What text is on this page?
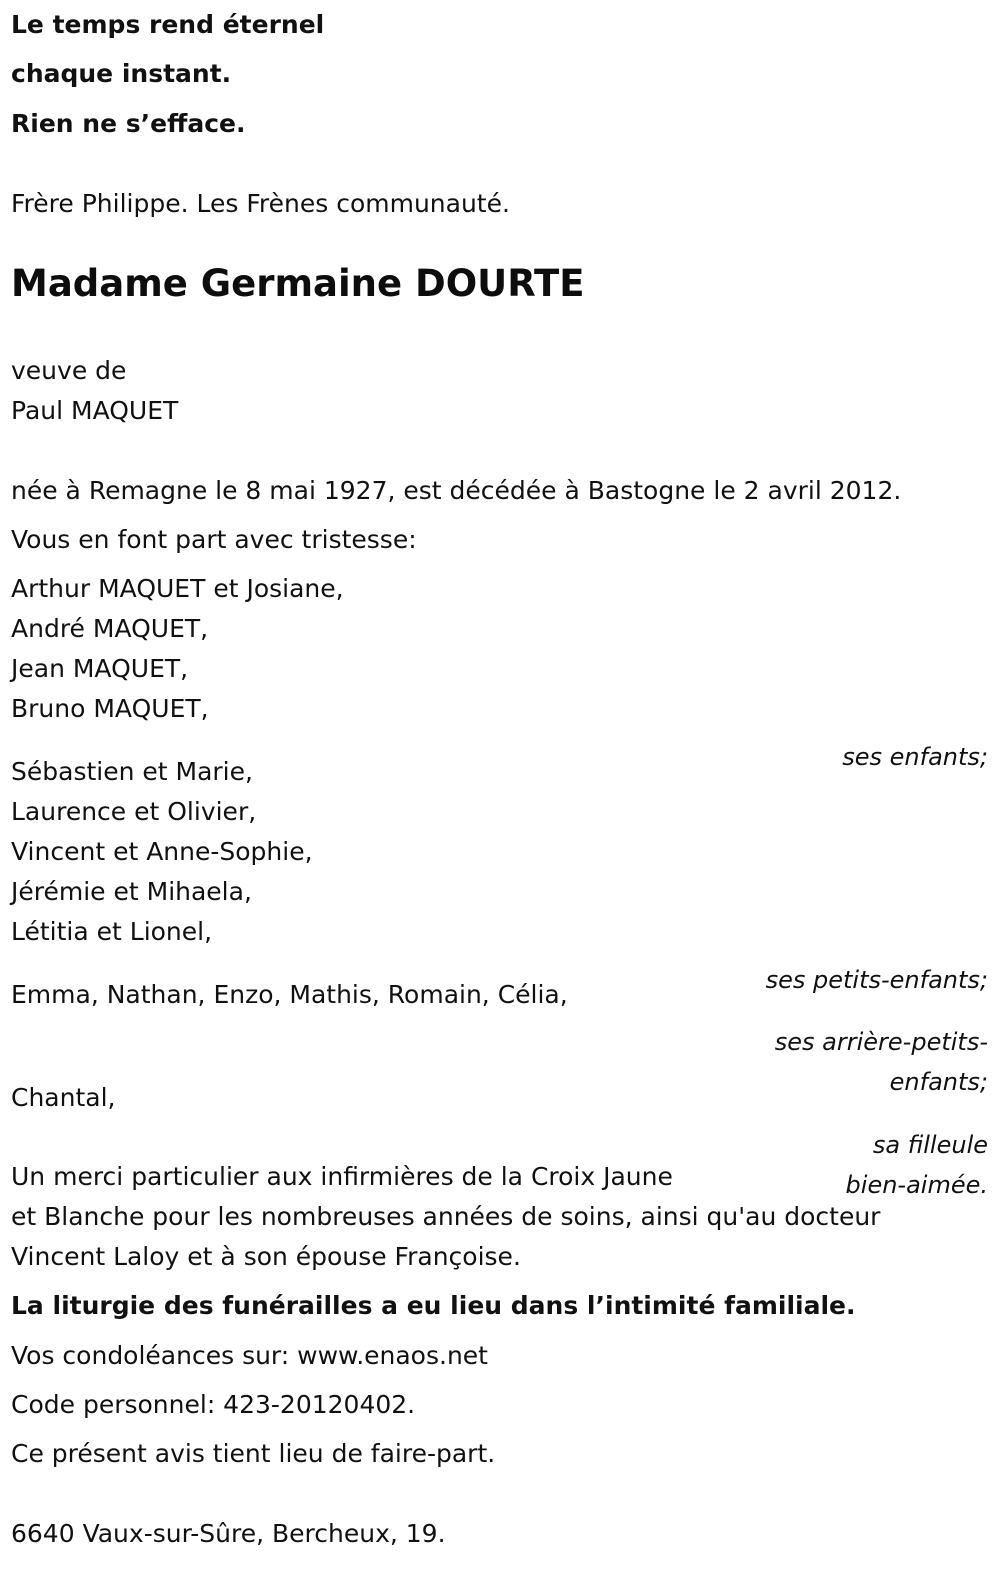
Le temps rend éternel

chaque instant.

Rien ne s’efface.

Frère Philippe. Les Frènes communauté.

Madame Germaine DOURTE

veuve de

Paul MAQUET

née à Remagne le 8 mai 1927, est décédée à Bastogne le 2 avril 2012.

Vous en font part avec tristesse:

Arthur MAQUET et Josiane,

André MAQUET,

Jean MAQUET,

Bruno MAQUET,

ses enfants;

Sébastien et Marie,

Laurence et Olivier,

Vincent et Anne-Sophie,

Jérémie et Mihaela,

Létitia et Lionel,

ses petits-enfants;

Emma, Nathan, Enzo, Mathis, Romain, Célia,

ses arrière-petits-

enfants;

Chantal,

sa filleule

bien-aimée.

Un merci particulier aux infirmières de la Croix Jaune

et Blanche pour les nombreuses années de soins, ainsi qu'au docteur

Vincent Laloy et à son épouse Françoise.

La liturgie des funérailles a eu lieu dans l’intimité familiale.

Vos condoléances sur: www.enaos.net

Code personnel: 423-20120402.

Ce présent avis tient lieu de faire-part.

6640 Vaux-sur-Sûre, Bercheux, 19.
